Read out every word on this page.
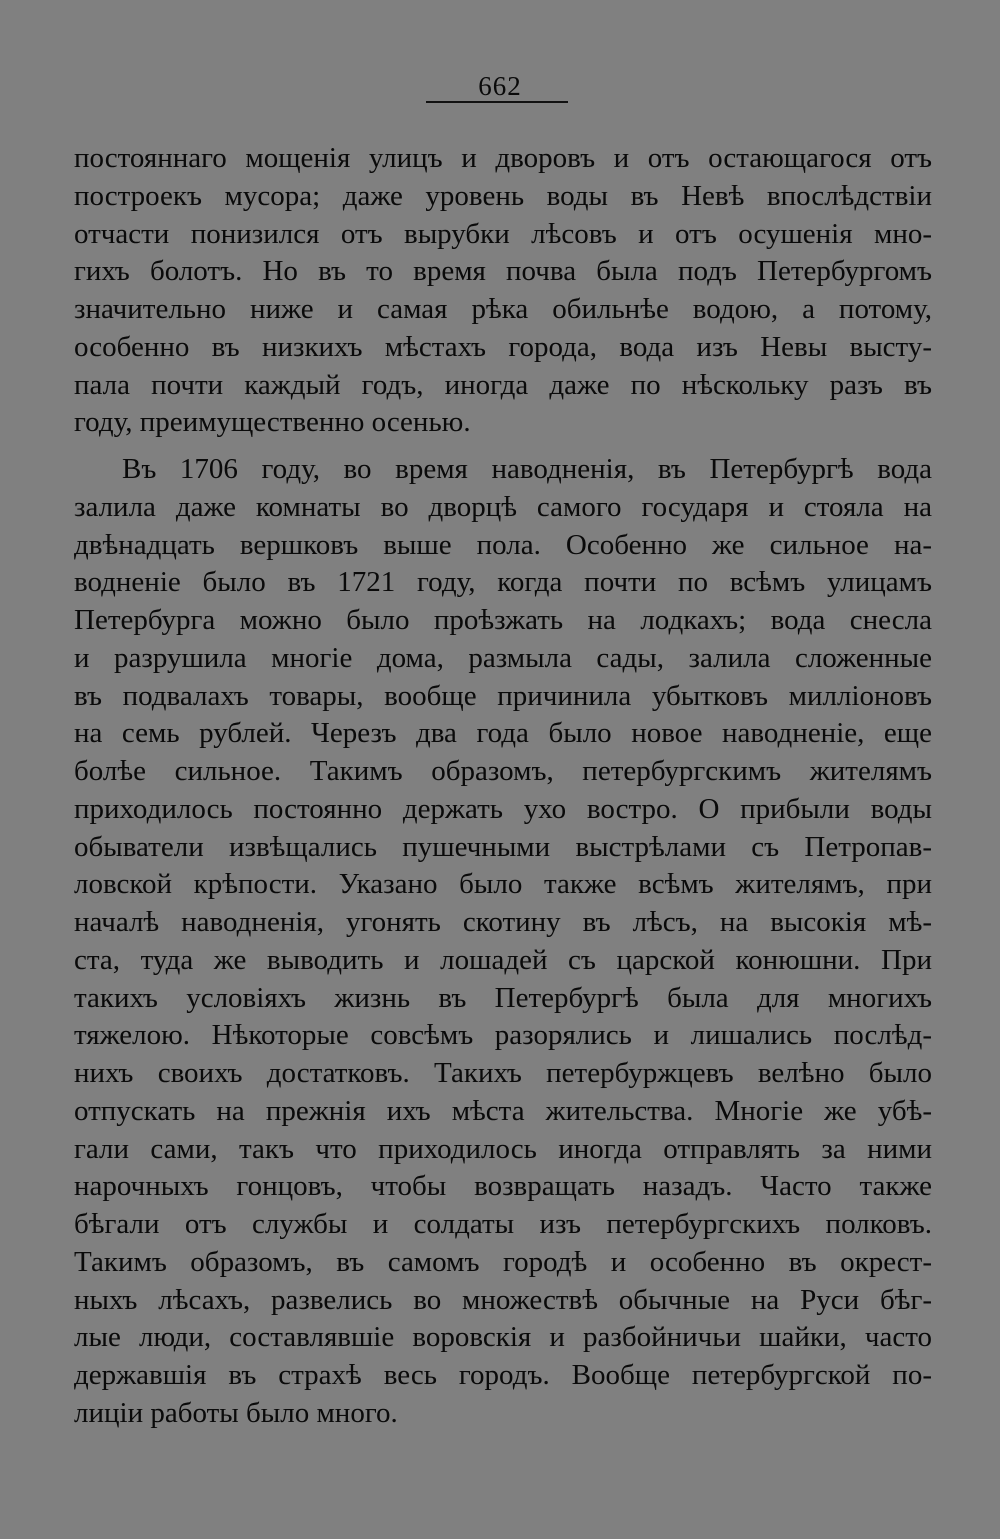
662
постояннаго мощенія улицъ и дворовъ и отъ остающагося отъ
построекъ мусора; даже уровень воды въ Невѣ впослѣдствіи
отчасти понизился отъ вырубки лѣсовъ и отъ осушенія мно-
гихъ болотъ. Но въ то время почва была подъ Петербургомъ
значительно ниже и самая рѣка обильнѣе водою, а потому,
особенно въ низкихъ мѣстахъ города, вода изъ Невы высту-
пала почти каждый годъ, иногда даже по нѣскольку разъ въ
году, преимущественно осенью.
Въ 1706 году, во время наводненія, въ Петербургѣ вода
залила даже комнаты во дворцѣ самого государя и стояла на
двѣнадцать вершковъ выше пола. Особенно же сильное на-
водненіе было въ 1721 году, когда почти по всѣмъ улицамъ
Петербурга можно было проѣзжать на лодкахъ; вода снесла
и разрушила многіе дома, размыла сады, залила сложенные
въ подвалахъ товары, вообще причинила убытковъ милліоновъ
на семь рублей. Черезъ два года было новое наводненіе, еще
болѣе сильное. Такимъ образомъ, петербургскимъ жителямъ
приходилось постоянно держать ухо востро. О прибыли воды
обыватели извѣщались пушечными выстрѣлами съ Петропав-
ловской крѣпости. Указано было также всѣмъ жителямъ, при
началѣ наводненія, угонять скотину въ лѣсъ, на высокія мѣ-
ста, туда же выводить и лошадей съ царской конюшни. При
такихъ условіяхъ жизнь въ Петербургѣ была для многихъ
тяжелою. Нѣкоторые совсѣмъ разорялись и лишались послѣд-
нихъ своихъ достатковъ. Такихъ петербуржцевъ велѣно было
отпускать на прежнія ихъ мѣста жительства. Многіе же убѣ-
гали сами, такъ что приходилось иногда отправлять за ними
нарочныхъ гонцовъ, чтобы возвращать назадъ. Часто также
бѣгали отъ службы и солдаты изъ петербургскихъ полковъ.
Такимъ образомъ, въ самомъ городѣ и особенно въ окрест-
ныхъ лѣсахъ, развелись во множествѣ обычные на Руси бѣг-
лые люди, составлявшіе воровскія и разбойничьи шайки, часто
державшія въ страхѣ весь городъ. Вообще петербургской по-
лиціи работы было много.
